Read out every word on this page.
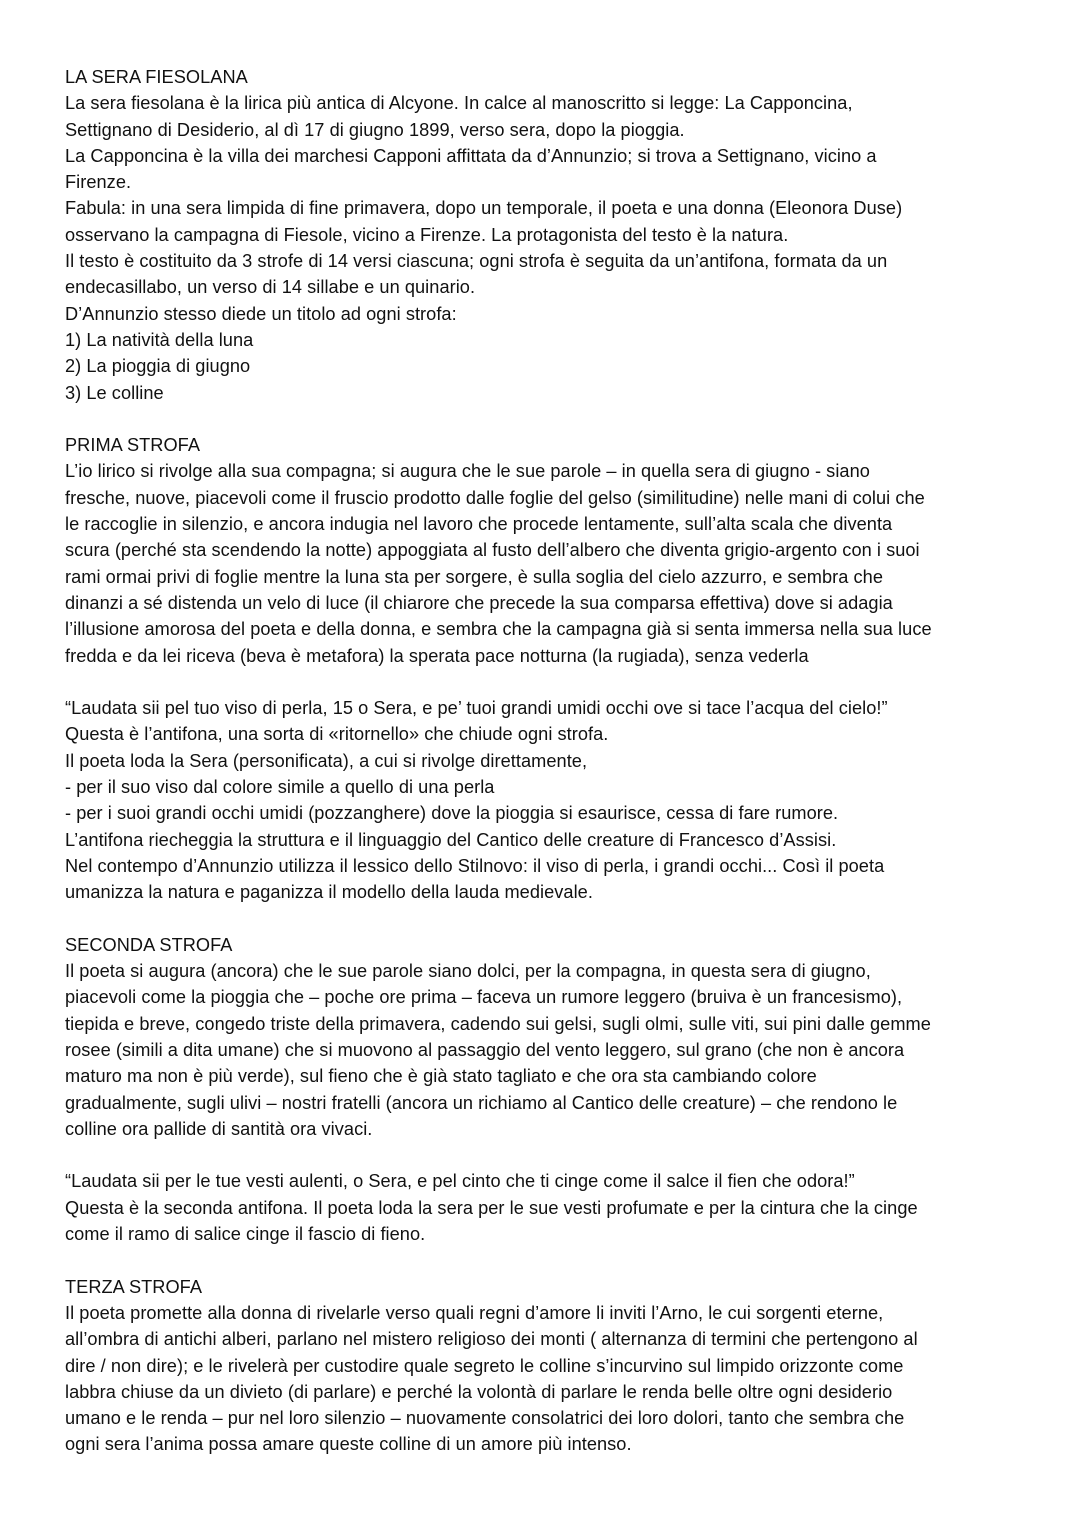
LA SERA FIESOLANA
La sera fiesolana è la lirica più antica di Alcyone. In calce al manoscritto si legge: La Capponcina,
Settignano di Desiderio, al dì 17 di giugno 1899, verso sera, dopo la pioggia.
La Capponcina è la villa dei marchesi Capponi affittata da d’Annunzio; si trova a Settignano, vicino a
Firenze.
Fabula: in una sera limpida di fine primavera, dopo un temporale, il poeta e una donna (Eleonora Duse)
osservano la campagna di Fiesole, vicino a Firenze. La protagonista del testo è la natura.
Il testo è costituito da 3 strofe di 14 versi ciascuna; ogni strofa è seguita da un’antifona, formata da un
endecasillabo, un verso di 14 sillabe e un quinario.
D’Annunzio stesso diede un titolo ad ogni strofa:
1) La natività della luna
2) La pioggia di giugno
3) Le colline
PRIMA STROFA
L’io lirico si rivolge alla sua compagna; si augura che le sue parole – in quella sera di giugno - siano
fresche, nuove, piacevoli come il fruscio prodotto dalle foglie del gelso (similitudine) nelle mani di colui che
le raccoglie in silenzio, e ancora indugia nel lavoro che procede lentamente, sull’alta scala che diventa
scura (perché sta scendendo la notte) appoggiata al fusto dell’albero che diventa grigio-argento con i suoi
rami ormai privi di foglie mentre la luna sta per sorgere, è sulla soglia del cielo azzurro, e sembra che
dinanzi a sé distenda un velo di luce (il chiarore che precede la sua comparsa effettiva) dove si adagia
l’illusione amorosa del poeta e della donna, e sembra che la campagna già si senta immersa nella sua luce
fredda e da lei riceva (beva è metafora) la sperata pace notturna (la rugiada), senza vederla
“Laudata sii pel tuo viso di perla, 15 o Sera, e pe’ tuoi grandi umidi occhi ove si tace l’acqua del cielo!”
Questa è l’antifona, una sorta di «ritornello» che chiude ogni strofa.
Il poeta loda la Sera (personificata), a cui si rivolge direttamente,
- per il suo viso dal colore simile a quello di una perla
- per i suoi grandi occhi umidi (pozzanghere) dove la pioggia si esaurisce, cessa di fare rumore.
L’antifona riecheggia la struttura e il linguaggio del Cantico delle creature di Francesco d’Assisi.
Nel contempo d’Annunzio utilizza il lessico dello Stilnovo: il viso di perla, i grandi occhi... Così il poeta
umanizza la natura e paganizza il modello della lauda medievale.
SECONDA STROFA
Il poeta si augura (ancora) che le sue parole siano dolci, per la compagna, in questa sera di giugno,
piacevoli come la pioggia che – poche ore prima – faceva un rumore leggero (bruiva è un francesismo),
tiepida e breve, congedo triste della primavera, cadendo sui gelsi, sugli olmi, sulle viti, sui pini dalle gemme
rosee (simili a dita umane) che si muovono al passaggio del vento leggero, sul grano (che non è ancora
maturo ma non è più verde), sul fieno che è già stato tagliato e che ora sta cambiando colore
gradualmente, sugli ulivi – nostri fratelli (ancora un richiamo al Cantico delle creature) – che rendono le
colline ora pallide di santità ora vivaci.
“Laudata sii per le tue vesti aulenti, o Sera, e pel cinto che ti cinge come il salce il fien che odora!”
Questa è la seconda antifona. Il poeta loda la sera per le sue vesti profumate e per la cintura che la cinge
come il ramo di salice cinge il fascio di fieno.
TERZA STROFA
Il poeta promette alla donna di rivelarle verso quali regni d’amore li inviti l’Arno, le cui sorgenti eterne,
all’ombra di antichi alberi, parlano nel mistero religioso dei monti ( alternanza di termini che pertengono al
dire / non dire); e le rivelerà per custodire quale segreto le colline s’incurvino sul limpido orizzonte come
labbra chiuse da un divieto (di parlare) e perché la volontà di parlare le renda belle oltre ogni desiderio
umano e le renda – pur nel loro silenzio – nuovamente consolatrici dei loro dolori, tanto che sembra che
ogni sera l’anima possa amare queste colline di un amore più intenso.
